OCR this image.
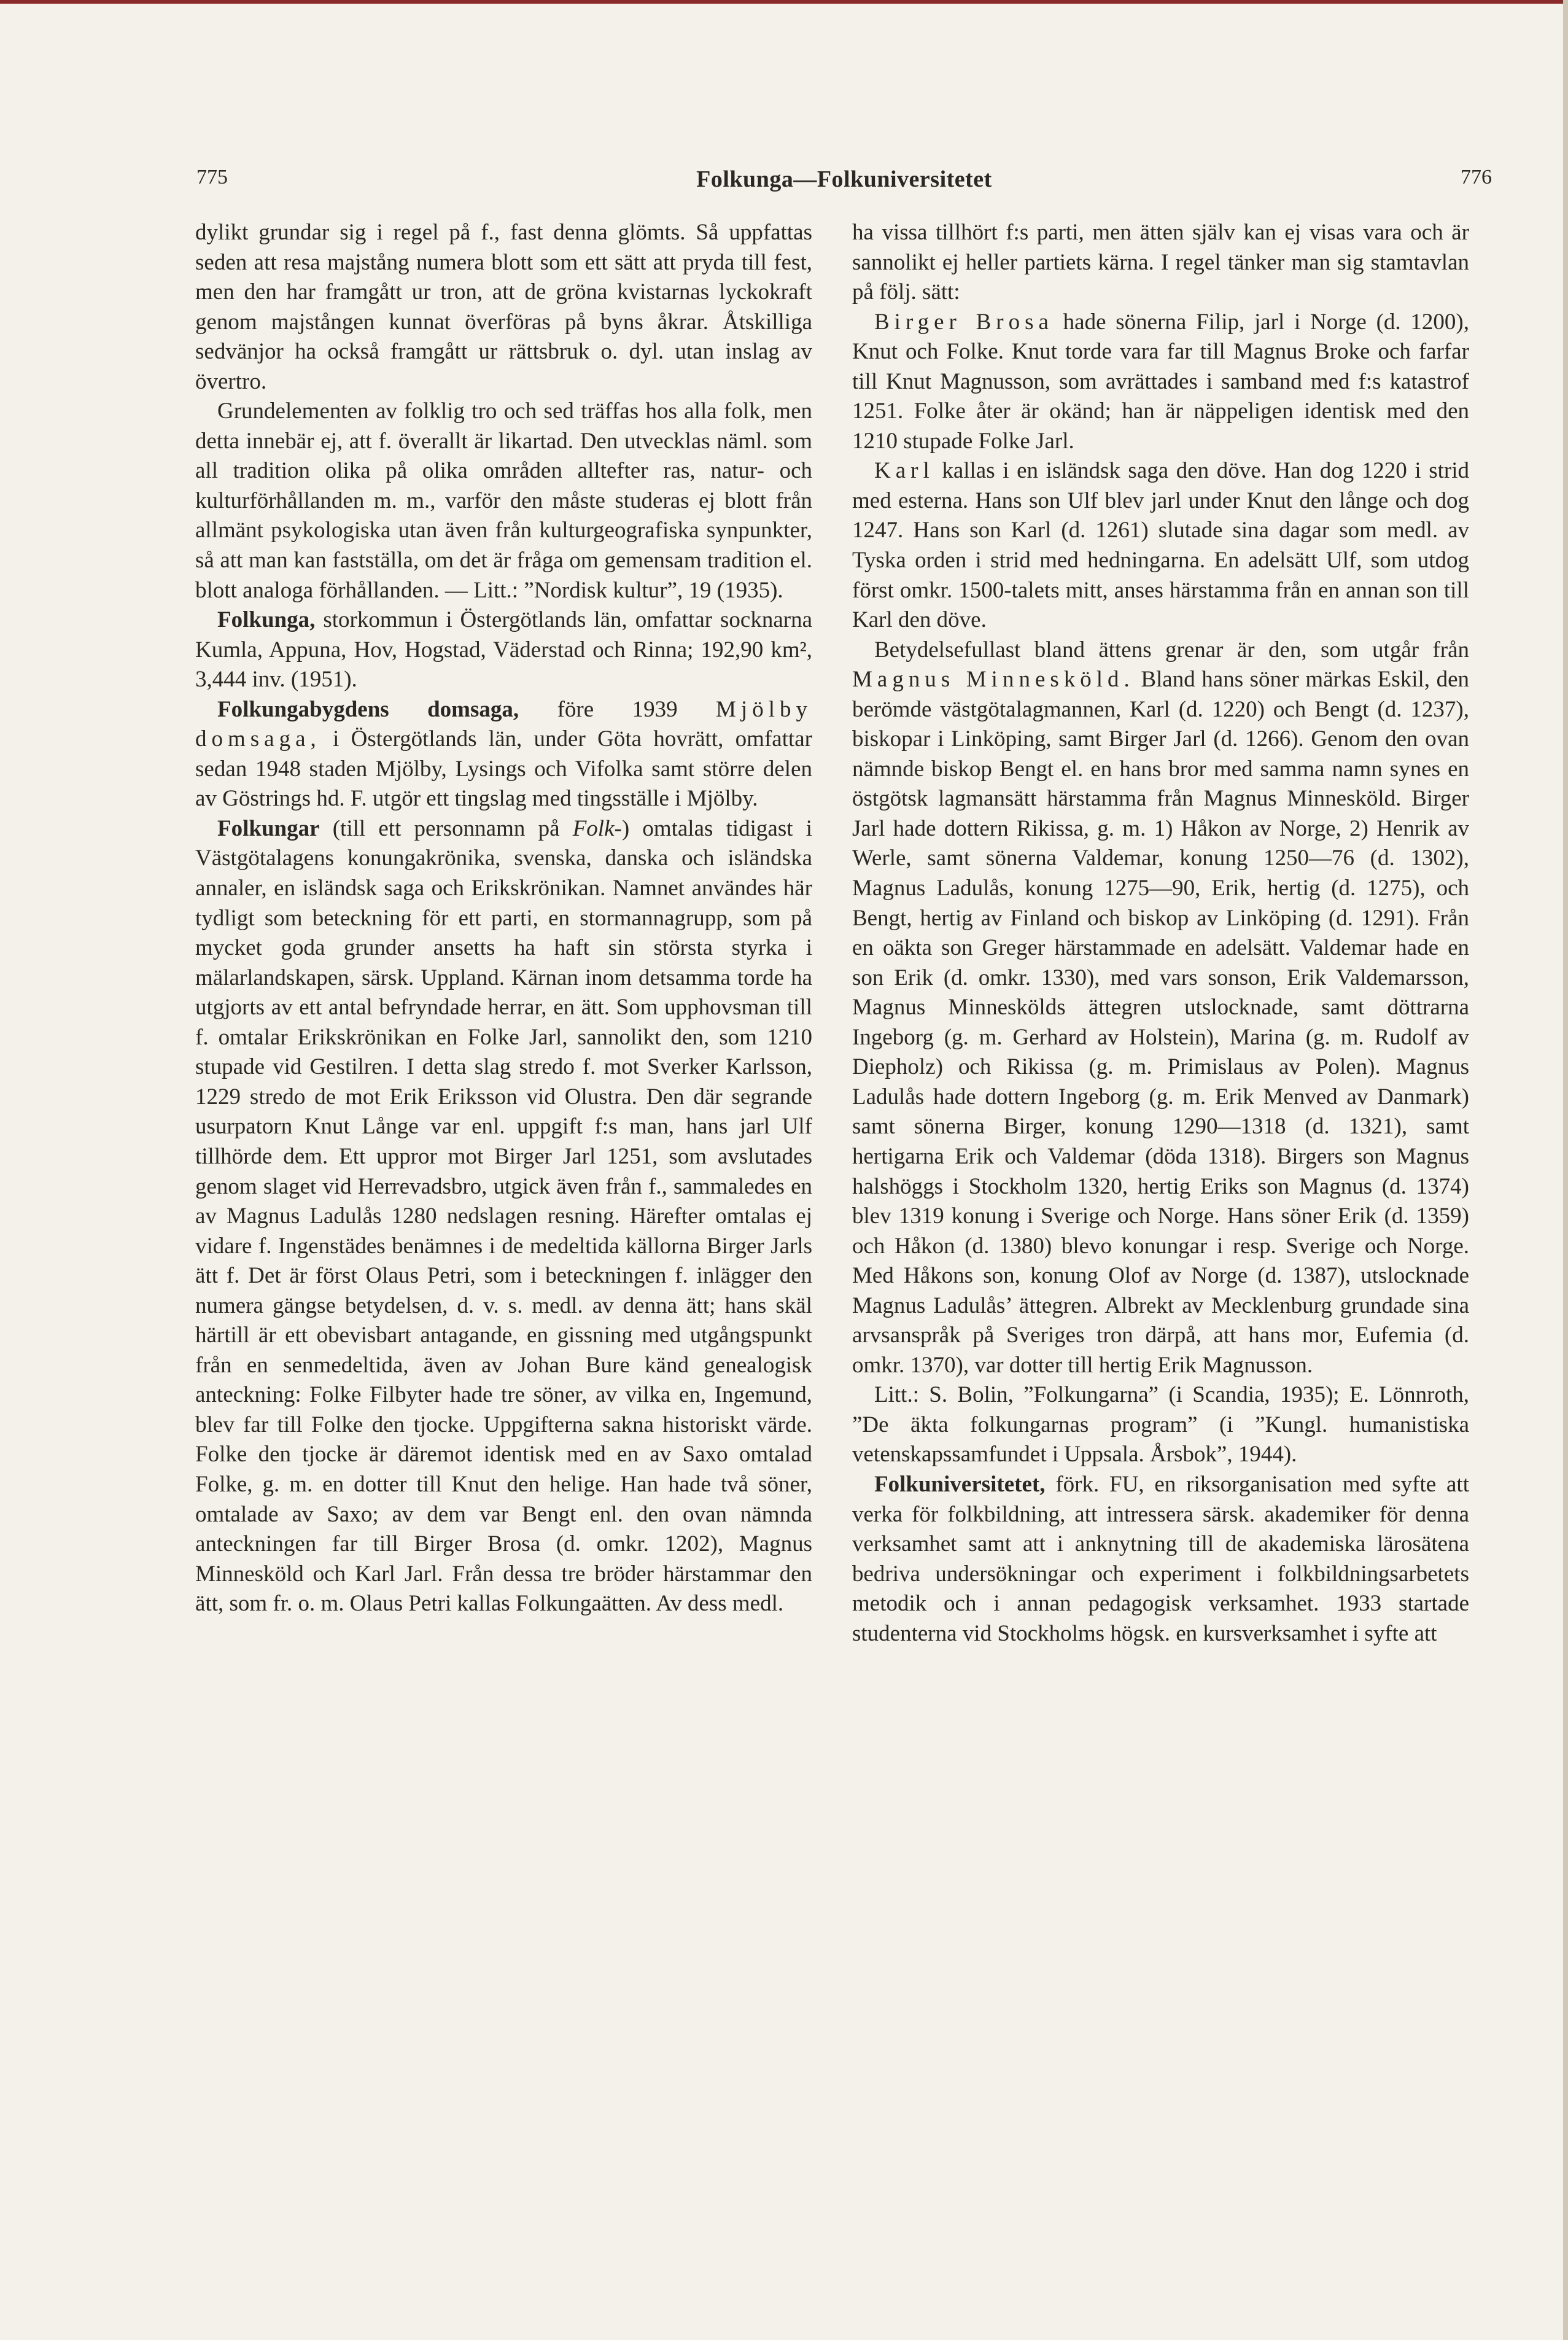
775	Folkunga—Folkuniversitetet	776

dylikt grundar sig i regel på f., fast denna glömts. Så uppfattas seden att resa majstång numera blott som ett sätt att pryda till fest, men den har framgått ur tron, att de gröna kvistarnas lyckokraft genom majstången kunnat överföras på byns åkrar. Åtskilliga sedvänjor ha också framgått ur rättsbruk o. dyl. utan inslag av övertro.

Grundelementen av folklig tro och sed träffas hos alla folk, men detta innebär ej, att f. överallt är likartad. Den utvecklas näml. som all tradition olika på olika områden alltefter ras, natur- och kulturförhållanden m. m., varför den måste studeras ej blott från allmänt psykologiska utan även från kulturgeografiska synpunkter, så att man kan fastställa, om det är fråga om gemensam tradition el. blott analoga förhållanden. — Litt.: ”Nordisk kultur”, 19 (1935).

Folkunga, storkommun i Östergötlands län, omfattar socknarna Kumla, Appuna, Hov, Hogstad, Väderstad och Rinna; 192,90 km², 3,444 inv. (1951).

Folkungabygdens domsaga, före 1939 Mjölby domsaga, i Östergötlands län, under Göta hovrätt, omfattar sedan 1948 staden Mjölby, Lysings och Vifolka samt större delen av Göstrings hd. F. utgör ett tingslag med tingsställe i Mjölby.

Folkungar (till ett personnamn på Folk-) omtalas tidigast i Västgötalagens konungakrönika, svenska, danska och isländska annaler, en isländsk saga och Erikskrönikan. Namnet användes här tydligt som beteckning för ett parti, en stormannagrupp, som på mycket goda grunder ansetts ha haft sin största styrka i mälarlandskapen, särsk. Uppland. Kärnan inom detsamma torde ha utgjorts av ett antal befryndade herrar, en ätt. Som upphovsman till f. omtalar Erikskrönikan en Folke Jarl, sannolikt den, som 1210 stupade vid Gestilren. I detta slag stredo f. mot Sverker Karlsson, 1229 stredo de mot Erik Eriksson vid Olustra. Den där segrande usurpatorn Knut Långe var enl. uppgift f:s man, hans jarl Ulf tillhörde dem. Ett uppror mot Birger Jarl 1251, som avslutades genom slaget vid Herrevadsbro, utgick även från f., sammaledes en av Magnus Ladulås 1280 nedslagen resning. Härefter omtalas ej vidare f. Ingenstädes benämnes i de medeltida källorna Birger Jarls ätt f. Det är först Olaus Petri, som i beteckningen f. inlägger den numera gängse betydelsen, d. v. s. medl. av denna ätt; hans skäl härtill är ett obevisbart antagande, en gissning med utgångspunkt från en senmedeltida, även av Johan Bure känd genealogisk anteckning: Folke Filbyter hade tre söner, av vilka en, Ingemund, blev far till Folke den tjocke. Uppgifterna sakna historiskt värde. Folke den tjocke är däremot identisk med en av Saxo omtalad Folke, g. m. en dotter till Knut den helige. Han hade två söner, omtalade av Saxo; av dem var Bengt enl. den ovan nämnda anteckningen far till Birger Brosa (d. omkr. 1202), Magnus Minnesköld och Karl Jarl. Från dessa tre bröder härstammar den ätt, som fr. o. m. Olaus Petri kallas Folkungaätten. Av dess medl.

ha vissa tillhört f:s parti, men ätten själv kan ej visas vara och är sannolikt ej heller partiets kärna. I regel tänker man sig stamtavlan på följ. sätt:

Birger Brosa hade sönerna Filip, jarl i Norge (d. 1200), Knut och Folke. Knut torde vara far till Magnus Broke och farfar till Knut Magnusson, som avrättades i samband med f:s katastrof 1251. Folke åter är okänd; han är näppeligen identisk med den 1210 stupade Folke Jarl.

Karl kallas i en isländsk saga den döve. Han dog 1220 i strid med esterna. Hans son Ulf blev jarl under Knut den långe och dog 1247. Hans son Karl (d. 1261) slutade sina dagar som medl. av Tyska orden i strid med hedningarna. En adelsätt Ulf, som utdog först omkr. 1500-talets mitt, anses härstamma från en annan son till Karl den döve.

Betydelsefullast bland ättens grenar är den, som utgår från Magnus Minnesköld. Bland hans söner märkas Eskil, den berömde västgötalagmannen, Karl (d. 1220) och Bengt (d. 1237), biskopar i Linköping, samt Birger Jarl (d. 1266). Genom den ovan nämnde biskop Bengt el. en hans bror med samma namn synes en östgötsk lagmansätt härstamma från Magnus Minnesköld. Birger Jarl hade dottern Rikissa, g. m. 1) Håkon av Norge, 2) Henrik av Werle, samt sönerna Valdemar, konung 1250—76 (d. 1302), Magnus Ladulås, konung 1275—90, Erik, hertig (d. 1275), och Bengt, hertig av Finland och biskop av Linköping (d. 1291). Från en oäkta son Greger härstammade en adelsätt. Valdemar hade en son Erik (d. omkr. 1330), med vars sonson, Erik Valdemarsson, Magnus Minneskölds ättegren utslocknade, samt döttrarna Ingeborg (g. m. Gerhard av Holstein), Marina (g. m. Rudolf av Diepholz) och Rikissa (g. m. Primislaus av Polen). Magnus Ladulås hade dottern Ingeborg (g. m. Erik Menved av Danmark) samt sönerna Birger, konung 1290—1318 (d. 1321), samt hertigarna Erik och Valdemar (döda 1318). Birgers son Magnus halshöggs i Stockholm 1320, hertig Eriks son Magnus (d. 1374) blev 1319 konung i Sverige och Norge. Hans söner Erik (d. 1359) och Håkon (d. 1380) blevo konungar i resp. Sverige och Norge. Med Håkons son, konung Olof av Norge (d. 1387), utslocknade Magnus Ladulås’ ättegren. Albrekt av Mecklenburg grundade sina arvsanspråk på Sveriges tron därpå, att hans mor, Eufemia (d. omkr. 1370), var dotter till hertig Erik Magnusson.

Litt.: S. Bolin, ”Folkungarna” (i Scandia, 1935); E. Lönnroth, ”De äkta folkungarnas program” (i ”Kungl. humanistiska vetenskapssamfundet i Uppsala. Årsbok”, 1944).

Folkuniversitetet, förk. FU, en riksorganisation med syfte att verka för folkbildning, att intressera särsk. akademiker för denna verksamhet samt att i anknytning till de akademiska lärosätena bedriva undersökningar och experiment i folkbildningsarbetets metodik och i annan pedagogisk verksamhet. 1933 startade studenterna vid Stockholms högsk. en kursverksamhet i syfte att
